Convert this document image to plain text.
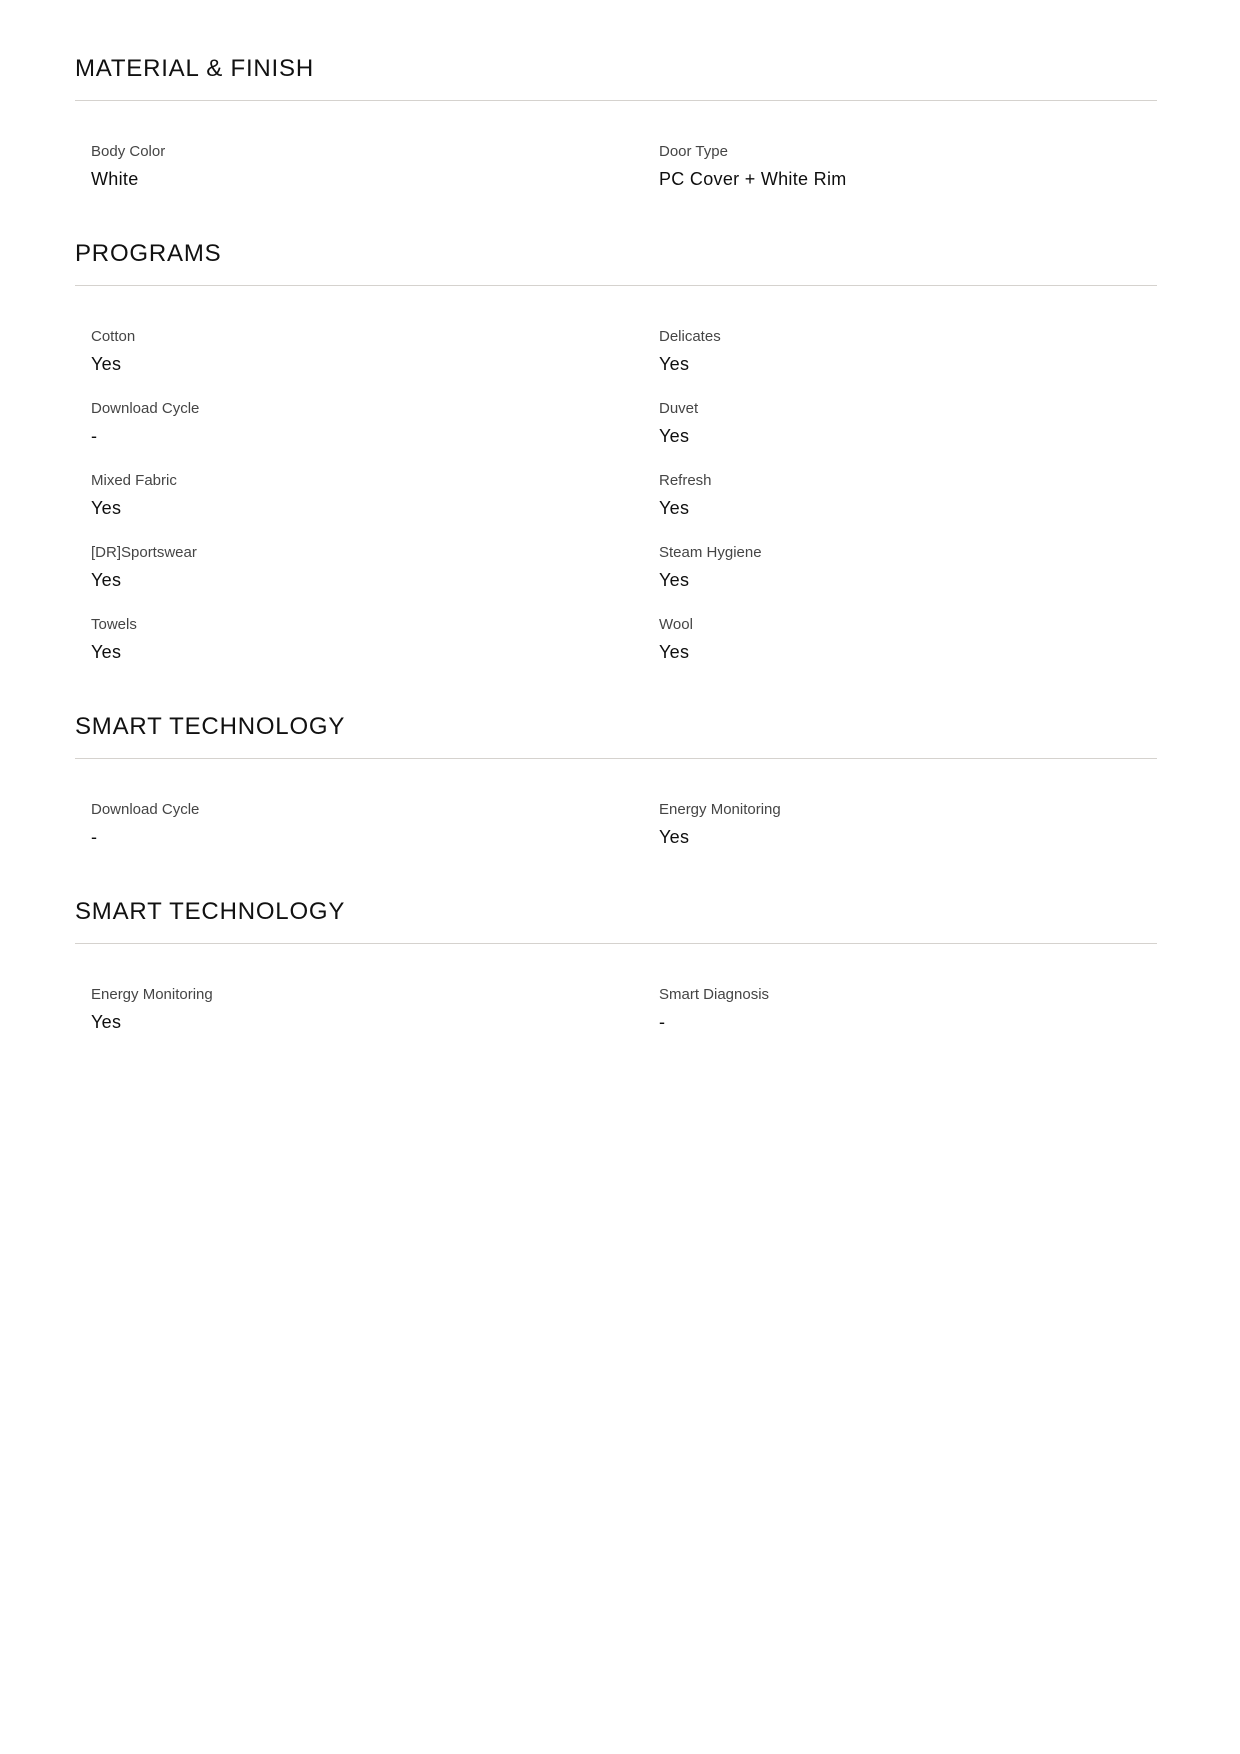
MATERIAL & FINISH

Body Color

White

Door Type

PC Cover + White Rim

PROGRAMS

Cotton

Yes

Delicates

Yes

Download Cycle

-

Duvet

Yes

Mixed Fabric

Yes

Refresh

Yes

[DR]Sportswear

Yes

Steam Hygiene

Yes

Towels

Yes

Wool

Yes

SMART TECHNOLOGY

Download Cycle

-

Energy Monitoring

Yes

SMART TECHNOLOGY

Energy Monitoring

Yes

Smart Diagnosis

-
